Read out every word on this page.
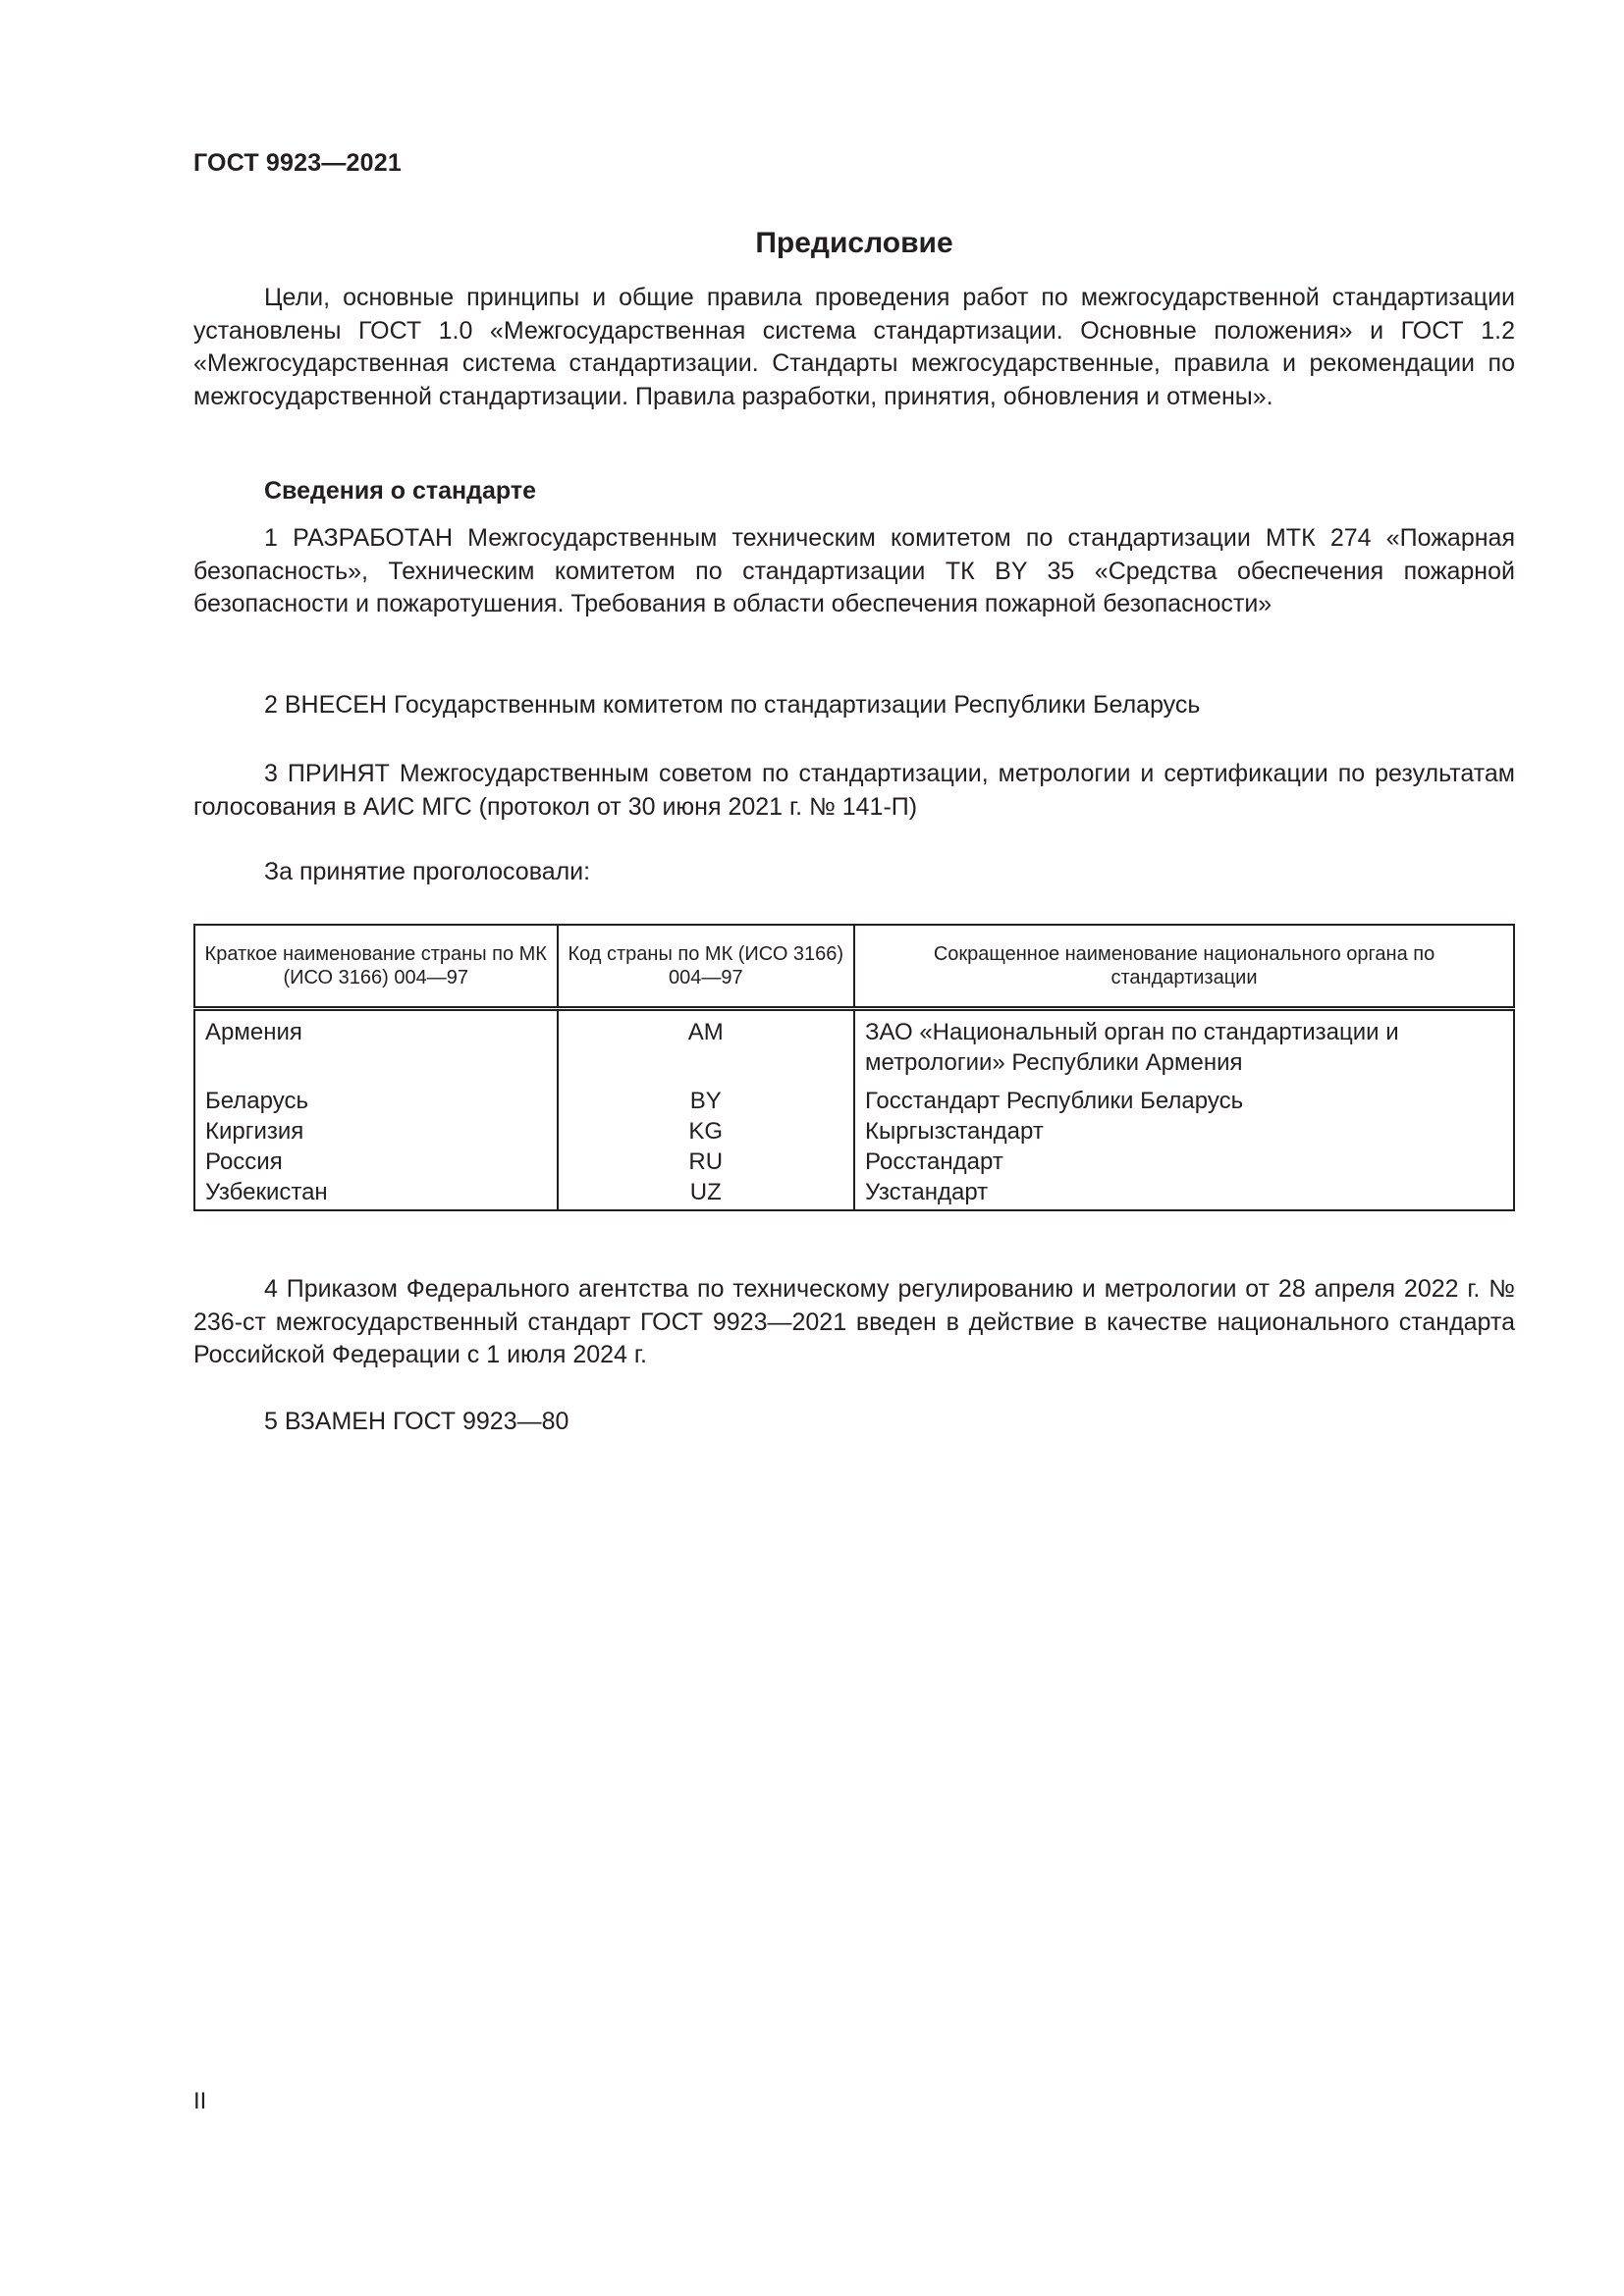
ГОСТ 9923—2021
Предисловие
Цели, основные принципы и общие правила проведения работ по межгосударственной стандартизации установлены ГОСТ 1.0 «Межгосударственная система стандартизации. Основные положения» и ГОСТ 1.2 «Межгосударственная система стандартизации. Стандарты межгосударственные, правила и рекомендации по межгосударственной стандартизации. Правила разработки, принятия, обновления и отмены».
Сведения о стандарте
1 РАЗРАБОТАН Межгосударственным техническим комитетом по стандартизации МТК 274 «Пожарная безопасность», Техническим комитетом по стандартизации ТК BY 35 «Средства обеспечения пожарной безопасности и пожаротушения. Требования в области обеспечения пожарной безопасности»
2 ВНЕСЕН Государственным комитетом по стандартизации Республики Беларусь
3 ПРИНЯТ Межгосударственным советом по стандартизации, метрологии и сертификации по результатам голосования в АИС МГС (протокол от 30 июня 2021 г. № 141-П)
За принятие проголосовали:
Краткое наименование страны по МК (ИСО 3166) 004—97	Код страны по МК (ИСО 3166) 004—97	Сокращенное наименование национального органа по стандартизации
Армения	AM	ЗАО «Национальный орган по стандартизации и метрологии» Республики Армения
Беларусь	BY	Госстандарт Республики Беларусь
Киргизия	KG	Кыргызстандарт
Россия	RU	Росстандарт
Узбекистан	UZ	Узстандарт
4 Приказом Федерального агентства по техническому регулированию и метрологии от 28 апреля 2022 г. № 236-ст межгосударственный стандарт ГОСТ 9923—2021 введен в действие в качестве национального стандарта Российской Федерации с 1 июля 2024 г.
5 ВЗАМЕН ГОСТ 9923—80
II
